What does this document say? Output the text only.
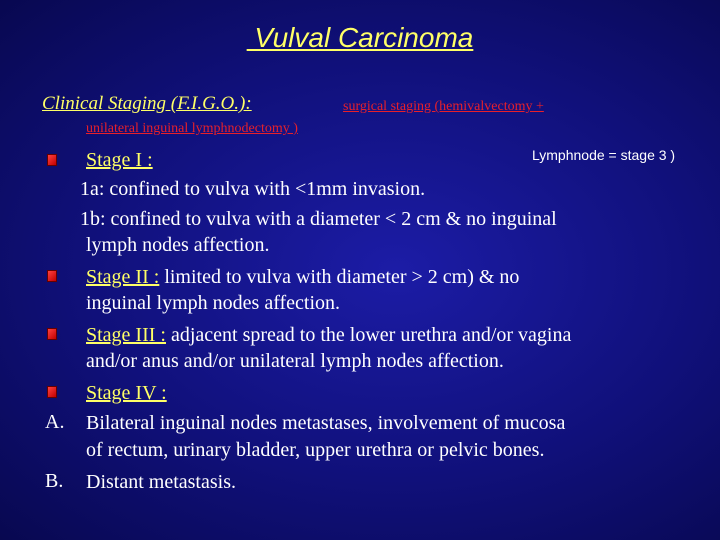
Vulval Carcinoma
Clinical Staging (F.I.G.O.):	surgical staging (hemivalvectomy +
unilateral inguinal lymphnodectomy )
Lymphnode = stage 3 )
Stage I :
1a: confined to vulva with <1mm invasion.
1b: confined to vulva with a diameter < 2 cm & no inguinal
lymph nodes affection.
Stage II : limited to vulva with diameter > 2 cm) & no
inguinal lymph nodes affection.
Stage III : adjacent spread to the lower urethra and/or vagina
and/or anus and/or unilateral lymph nodes affection.
Stage IV :
A. Bilateral inguinal nodes metastases, involvement of mucosa
of rectum, urinary bladder, upper urethra or pelvic bones.
B. Distant metastasis.
